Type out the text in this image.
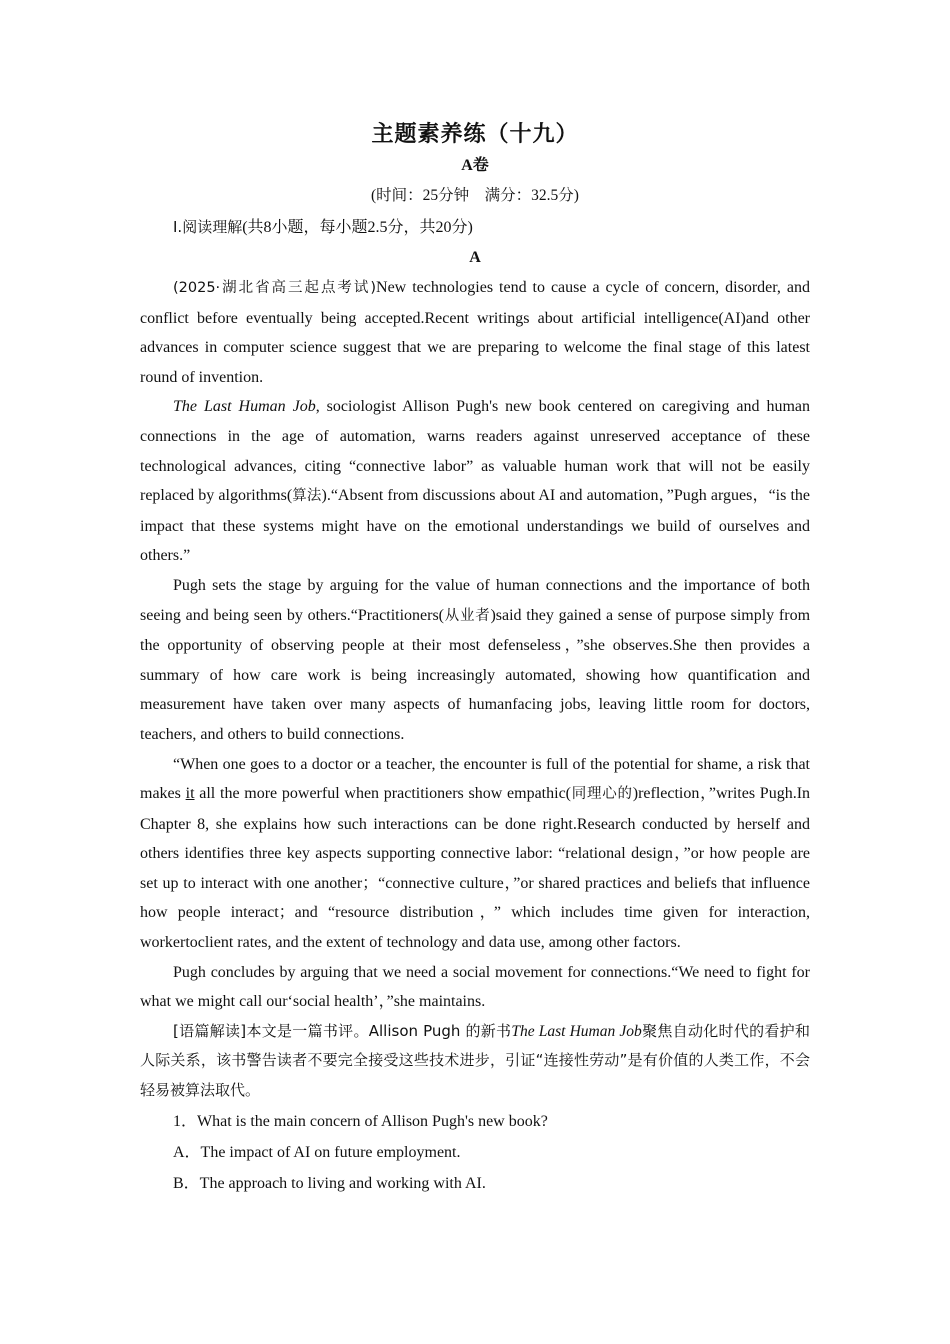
主题素养练（十九）

A卷

(时间：25分钟　满分：32.5分)

Ⅰ.阅读理解(共8小题，每小题2.5分，共20分)

A

(2025·湖北省高三起点考试)New technologies tend to cause a cycle of concern, disorder, and conflict before eventually being accepted.Recent writings about artificial intelligence(AI)and other advances in computer science suggest that we are preparing to welcome the final stage of this latest round of invention.

The Last Human Job, sociologist Allison Pugh's new book centered on caregiving and human connections in the age of automation, warns readers against unreserved acceptance of these technological advances, citing “connective labor” as valuable human work that will not be easily replaced by algorithms(算法).“Absent from discussions about AI and automation，”Pugh argues，“is the impact that these systems might have on the emotional understandings we build of ourselves and others.”

Pugh sets the stage by arguing for the value of human connections and the importance of both seeing and being seen by others.“Practitioners(从业者)said they gained a sense of purpose simply from the opportunity of observing people at their most defenseless，”she observes.She then provides a summary of how care work is being increasingly automated, showing how quantification and measurement have taken over many aspects of humanfacing jobs, leaving little room for doctors, teachers, and others to build connections.

“When one goes to a doctor or a teacher, the encounter is full of the potential for shame, a risk that makes it all the more powerful when practitioners show empathic(同理心的)reflection，”writes Pugh.In Chapter 8, she explains how such interactions can be done right.Research conducted by herself and others identifies three key aspects supporting connective labor: “relational design，”or how people are set up to interact with one another；“connective culture，”or shared practices and beliefs that influence how people interact；and “resource distribution，” which includes time given for interaction, workertoclient rates, and the extent of technology and data use, among other factors.

Pugh concludes by arguing that we need a social movement for connections.“We need to fight for what we might call our‘social health’，”she maintains.

[语篇解读]本文是一篇书评。Allison Pugh 的新书The Last Human Job聚焦自动化时代的看护和人际关系，该书警告读者不要完全接受这些技术进步，引证“连接性劳动”是有价值的人类工作，不会轻易被算法取代。

1．What is the main concern of Allison Pugh's new book?

A．The impact of AI on future employment.

B．The approach to living and working with AI.
